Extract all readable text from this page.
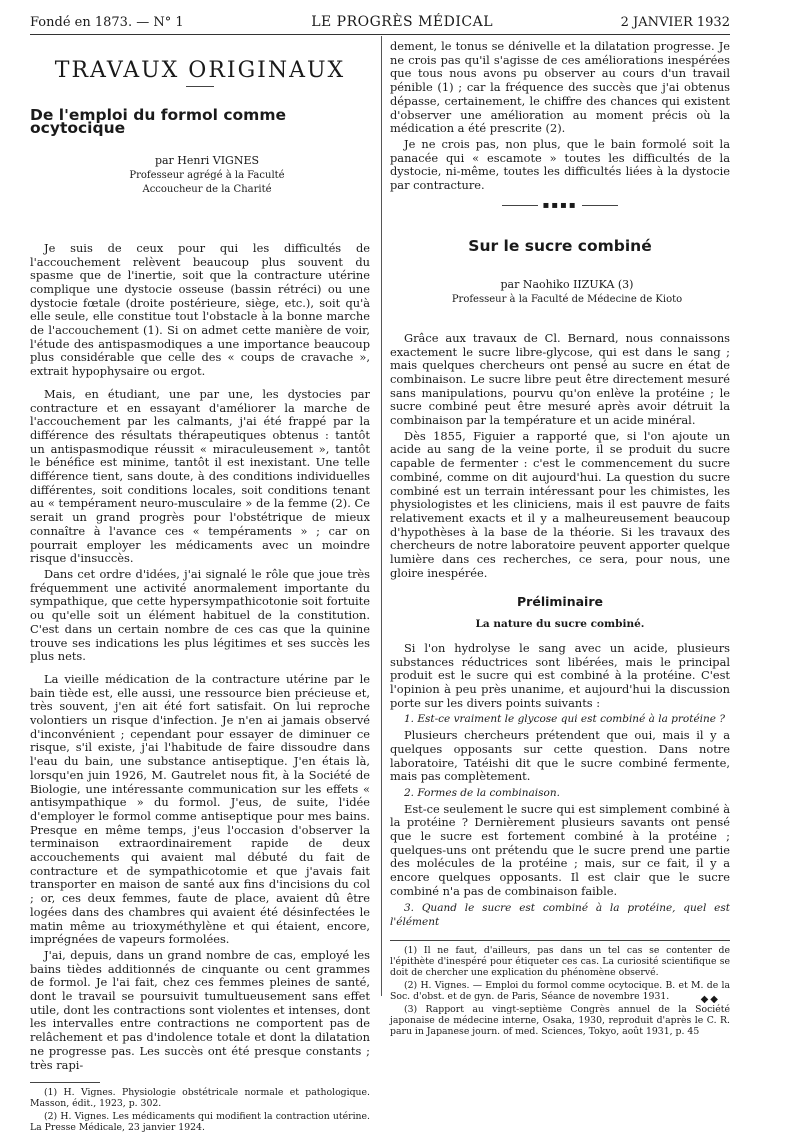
Fondé en 1873. — N° 1	LE PROGRÈS MÉDICAL	2 JANVIER 1932
TRAVAUX ORIGINAUX
De l'emploi du formol comme ocytocique

par Henri VIGNES

Professeur agrégé à la Faculté

Accoucheur de la Charité

Je suis de ceux pour qui les difficultés de l'accouchement relèvent beaucoup plus souvent du spasme que de l'inertie, soit que la contracture utérine complique une dystocie osseuse (bassin rétréci) ou une dystocie fœtale (droite postérieure, siège, etc.), soit qu'à elle seule, elle constitue tout l'obstacle à la bonne marche de l'accouchement (1). Si on admet cette manière de voir, l'étude des antispasmodiques a une importance beaucoup plus considérable que celle des « coups de cravache », extrait hypophysaire ou ergot.

Mais, en étudiant, une par une, les dystocies par contracture et en essayant d'améliorer la marche de l'accouchement par les calmants, j'ai été frappé par la différence des résultats thérapeutiques obtenus : tantôt un antispasmodique réussit « miraculeusement », tantôt le bénéfice est minime, tantôt il est inexistant. Une telle différence tient, sans doute, à des conditions individuelles différentes, soit conditions locales, soit conditions tenant au « tempérament neuro-musculaire » de la femme (2). Ce serait un grand progrès pour l'obstétrique de mieux connaître à l'avance ces « tempéraments » ; car on pourrait employer les médicaments avec un moindre risque d'insuccès.

Dans cet ordre d'idées, j'ai signalé le rôle que joue très fréquemment une activité anormalement importante du sympathique, que cette hypersympathicotonie soit fortuite ou qu'elle soit un élément habituel de la constitution. C'est dans un certain nombre de ces cas que la quinine trouve ses indications les plus légitimes et ses succès les plus nets.

La vieille médication de la contracture utérine par le bain tiède est, elle aussi, une ressource bien précieuse et, très souvent, j'en ait été fort satisfait. On lui reproche volontiers un risque d'infection. Je n'en ai jamais observé d'inconvénient ; cependant pour essayer de diminuer ce risque, s'il existe, j'ai l'habitude de faire dissoudre dans l'eau du bain, une substance antiseptique. J'en étais là, lorsqu'en juin 1926, M. Gautrelet nous fit, à la Société de Biologie, une intéressante communication sur les effets « antisympathique » du formol. J'eus, de suite, l'idée d'employer le formol comme antiseptique pour mes bains. Presque en même temps, j'eus l'occasion d'observer la terminaison extraordinairement rapide de deux accouchements qui avaient mal débuté du fait de contracture et de sympathicotomie et que j'avais fait transporter en maison de santé aux fins d'incisions du col ; or, ces deux femmes, faute de place, avaient dû être logées dans des chambres qui avaient été désinfectées le matin même au trioxyméthylène et qui étaient, encore, imprégnées de vapeurs formolées.

J'ai, depuis, dans un grand nombre de cas, employé les bains tièdes additionnés de cinquante ou cent grammes de formol. Je l'ai fait, chez ces femmes pleines de santé, dont le travail se poursuivit tumultueusement sans effet utile, dont les contractions sont violentes et intenses, dont les intervalles entre contractions ne comportent pas de relâchement et pas d'indolence totale et dont la dilatation ne progresse pas. Les succès ont été presque constants ; très rapi-

(1) H. Vignes. Physiologie obstétricale normale et pathologique. Masson, édit., 1923, p. 302.

(2) H. Vignes. Les médicaments qui modifient la contraction utérine. La Presse Médicale, 23 janvier 1924.

dement, le tonus se dénivelle et la dilatation progresse. Je ne crois pas qu'il s'agisse de ces améliorations inespérées que tous nous avons pu observer au cours d'un travail pénible (1) ; car la fréquence des succès que j'ai obtenus dépasse, certainement, le chiffre des chances qui existent d'observer une amélioration au moment précis où la médication a été prescrite (2).

Je ne crois pas, non plus, que le bain formolé soit la panacée qui « escamote » toutes les difficultés de la dystocie, ni-même, toutes les difficultés liées à la dystocie par contracture.

▪▪▪▪
Sur le sucre combiné

par Naohiko IIZUKA (3)

Professeur à la Faculté de Médecine de Kioto

Grâce aux travaux de Cl. Bernard, nous connaissons exactement le sucre libre-glycose, qui est dans le sang ; mais quelques chercheurs ont pensé au sucre en état de combinaison. Le sucre libre peut être directement mesuré sans manipulations, pourvu qu'on enlève la protéine ; le sucre combiné peut être mesuré après avoir détruit la combinaison par la température et un acide minéral.

Dès 1855, Figuier a rapporté que, si l'on ajoute un acide au sang de la veine porte, il se produit du sucre capable de fermenter : c'est le commencement du sucre combiné, comme on dit aujourd'hui. La question du sucre combiné est un terrain intéressant pour les chimistes, les physiologistes et les cliniciens, mais il est pauvre de faits relativement exacts et il y a malheureusement beaucoup d'hypothèses à la base de la théorie. Si les travaux des chercheurs de notre laboratoire peuvent apporter quelque lumière dans ces recherches, ce sera, pour nous, une gloire inespérée.

Préliminaire
La nature du sucre combiné.

Si l'on hydrolyse le sang avec un acide, plusieurs substances réductrices sont libérées, mais le principal produit est le sucre qui est combiné à la protéine. C'est l'opinion à peu près unanime, et aujourd'hui la discussion porte sur les divers points suivants :

1. Est-ce vraiment le glycose qui est combiné à la protéine ?

Plusieurs chercheurs prétendent que oui, mais il y a quelques opposants sur cette question. Dans notre laboratoire, Tatéishi dit que le sucre combiné fermente, mais pas complètement.

2. Formes de la combinaison.

Est-ce seulement le sucre qui est simplement combiné à la protéine ? Dernièrement plusieurs savants ont pensé que le sucre est fortement combiné à la protéine ; quelques-uns ont prétendu que le sucre prend une partie des molécules de la protéine ; mais, sur ce fait, il y a encore quelques opposants. Il est clair que le sucre combiné n'a pas de combinaison faible.

3. Quand le sucre est combiné à la protéine, quel est l'élément

(1) Il ne faut, d'ailleurs, pas dans un tel cas se contenter de l'épithète d'inespéré pour étiqueter ces cas. La curiosité scientifique se doit de chercher une explication du phénomène observé.

(2) H. Vignes. — Emploi du formol comme ocytocique. B. et M. de la Soc. d'obst. et de gyn. de Paris, Séance de novembre 1931.

(3) Rapport au vingt-septième Congrès annuel de la Société japonaise de médecine interne, Osaka, 1930, reproduit d'après le C. R. paru in Japanese journ. of med. Sciences, Tokyo, août 1931, p. 45

◆◆
